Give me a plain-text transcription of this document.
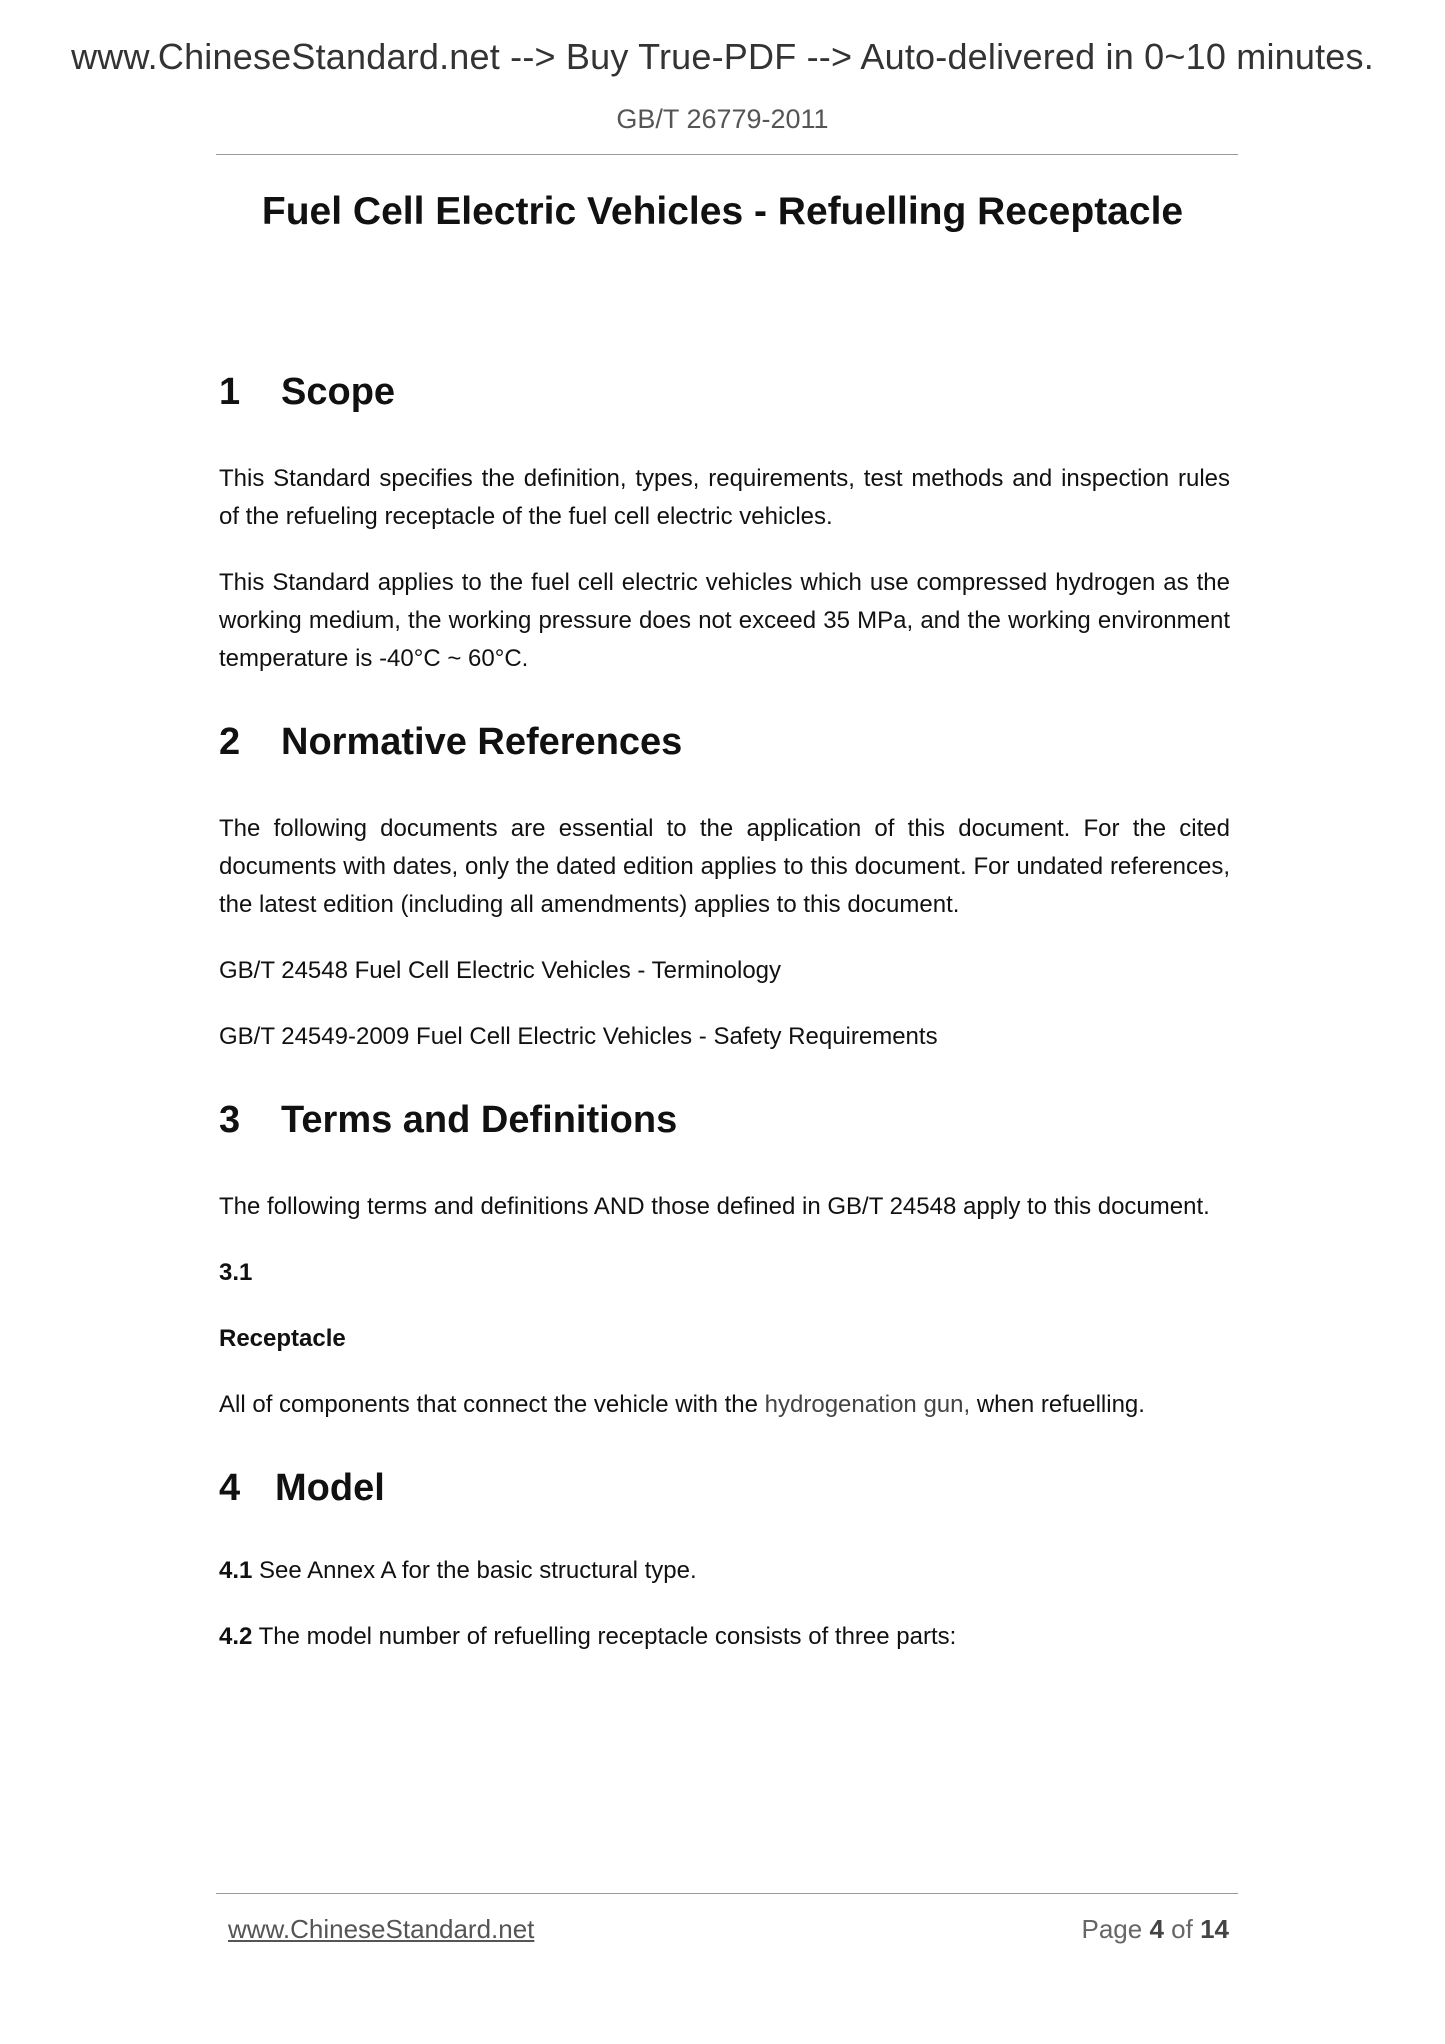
www.ChineseStandard.net --> Buy True-PDF --> Auto-delivered in 0~10 minutes.
GB/T 26779-2011
Fuel Cell Electric Vehicles - Refuelling Receptacle
1 Scope
This Standard specifies the definition, types, requirements, test methods and inspection rules of the refueling receptacle of the fuel cell electric vehicles.
This Standard applies to the fuel cell electric vehicles which use compressed hydrogen as the working medium, the working pressure does not exceed 35 MPa, and the working environment temperature is -40°C ~ 60°C.
2 Normative References
The following documents are essential to the application of this document. For the cited documents with dates, only the dated edition applies to this document. For undated references, the latest edition (including all amendments) applies to this document.
GB/T 24548 Fuel Cell Electric Vehicles - Terminology
GB/T 24549-2009 Fuel Cell Electric Vehicles - Safety Requirements
3 Terms and Definitions
The following terms and definitions AND those defined in GB/T 24548 apply to this document.
3.1
Receptacle
All of components that connect the vehicle with the hydrogenation gun, when refuelling.
4 Model
4.1 See Annex A for the basic structural type.
4.2 The model number of refuelling receptacle consists of three parts:
www.ChineseStandard.net	Page 4 of 14
